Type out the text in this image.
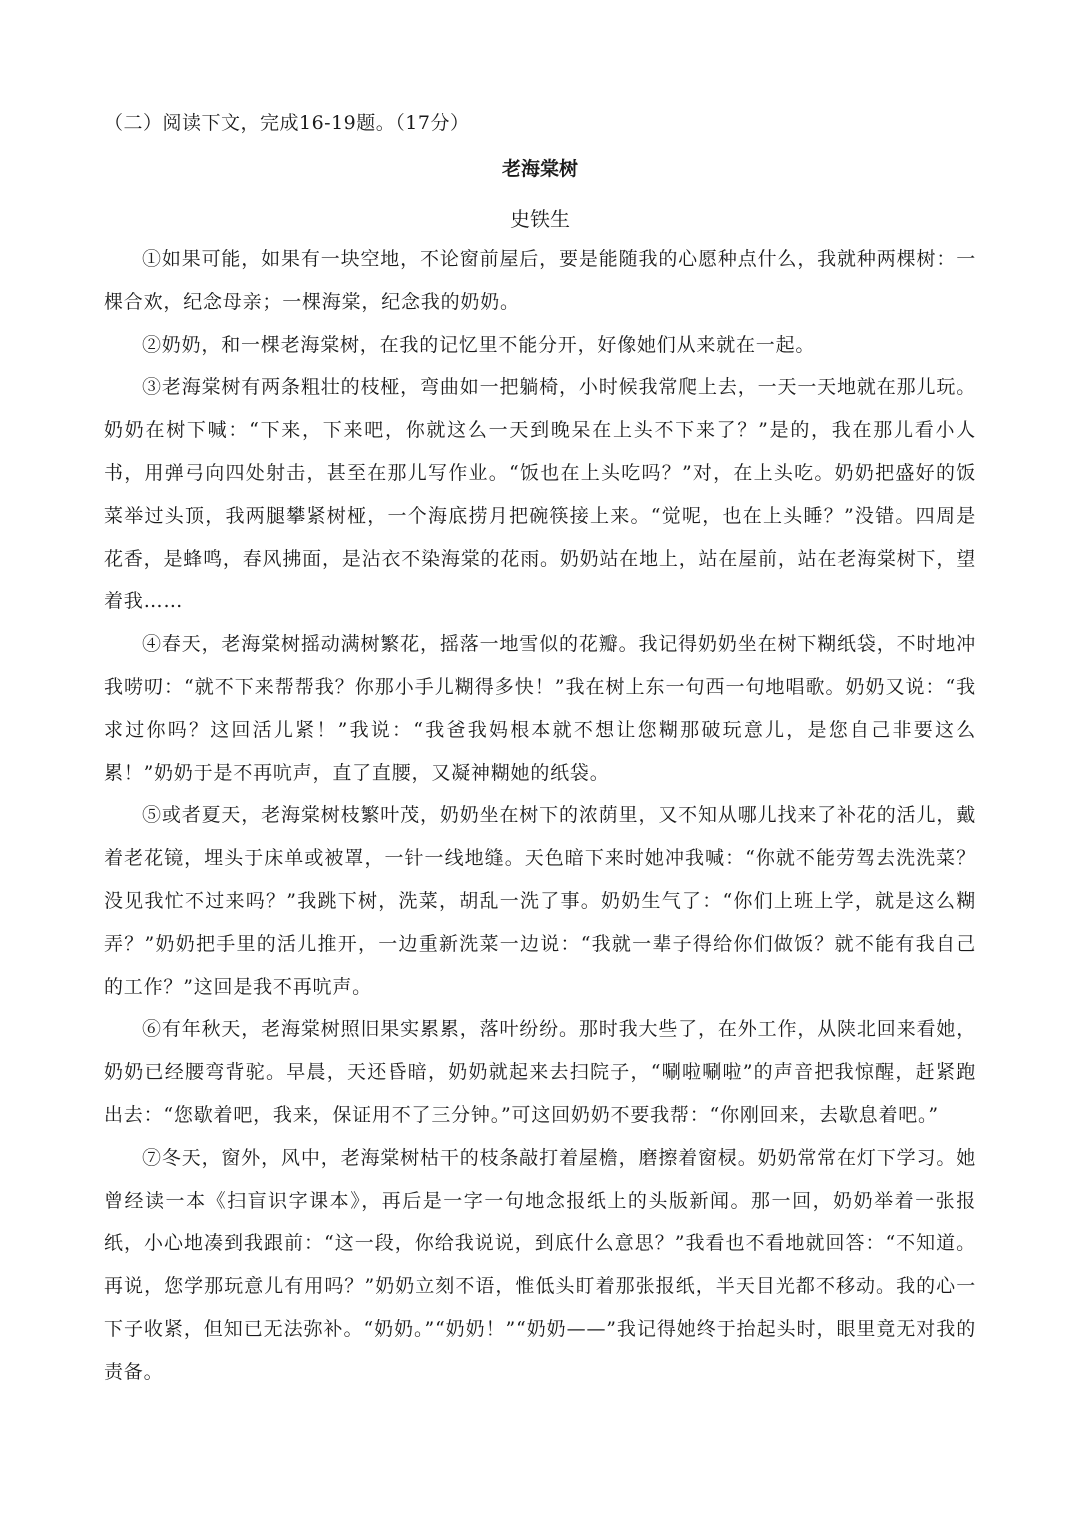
（二）阅读下文，完成16-19题。（17分）

老海棠树

史铁生

①如果可能，如果有一块空地，不论窗前屋后，要是能随我的心愿种点什么，我就种两棵树：一棵合欢，纪念母亲；一棵海棠，纪念我的奶奶。

②奶奶，和一棵老海棠树，在我的记忆里不能分开，好像她们从来就在一起。

③老海棠树有两条粗壮的枝桠，弯曲如一把躺椅，小时候我常爬上去，一天一天地就在那儿玩。奶奶在树下喊：“下来，下来吧，你就这么一天到晚呆在上头不下来了？”是的，我在那儿看小人书，用弹弓向四处射击，甚至在那儿写作业。“饭也在上头吃吗？”对，在上头吃。奶奶把盛好的饭菜举过头顶，我两腿攀紧树桠，一个海底捞月把碗筷接上来。“觉呢，也在上头睡？”没错。四周是花香，是蜂鸣，春风拂面，是沾衣不染海棠的花雨。奶奶站在地上，站在屋前，站在老海棠树下，望着我……

④春天，老海棠树摇动满树繁花，摇落一地雪似的花瓣。我记得奶奶坐在树下糊纸袋，不时地冲我唠叨：“就不下来帮帮我？你那小手儿糊得多快！”我在树上东一句西一句地唱歌。奶奶又说：“我求过你吗？这回活儿紧！”我说：“我爸我妈根本就不想让您糊那破玩意儿，是您自己非要这么累！”奶奶于是不再吭声，直了直腰，又凝神糊她的纸袋。

⑤或者夏天，老海棠树枝繁叶茂，奶奶坐在树下的浓荫里，又不知从哪儿找来了补花的活儿，戴着老花镜，埋头于床单或被罩，一针一线地缝。天色暗下来时她冲我喊：“你就不能劳驾去洗洗菜？没见我忙不过来吗？”我跳下树，洗菜，胡乱一洗了事。奶奶生气了：“你们上班上学，就是这么糊弄？”奶奶把手里的活儿推开，一边重新洗菜一边说：“我就一辈子得给你们做饭？就不能有我自己的工作？”这回是我不再吭声。

⑥有年秋天，老海棠树照旧果实累累，落叶纷纷。那时我大些了，在外工作，从陕北回来看她，奶奶已经腰弯背驼。早晨，天还昏暗，奶奶就起来去扫院子，“唰啦唰啦”的声音把我惊醒，赶紧跑出去：“您歇着吧，我来，保证用不了三分钟。”可这回奶奶不要我帮：“你刚回来，去歇息着吧。”

⑦冬天，窗外，风中，老海棠树枯干的枝条敲打着屋檐，磨擦着窗棂。奶奶常常在灯下学习。她曾经读一本《扫盲识字课本》，再后是一字一句地念报纸上的头版新闻。那一回，奶奶举着一张报纸，小心地凑到我跟前：“这一段，你给我说说，到底什么意思？”我看也不看地就回答：“不知道。再说，您学那玩意儿有用吗？”奶奶立刻不语，惟低头盯着那张报纸，半天目光都不移动。我的心一下子收紧，但知已无法弥补。“奶奶。”“奶奶！”“奶奶——”我记得她终于抬起头时，眼里竟无对我的责备。
